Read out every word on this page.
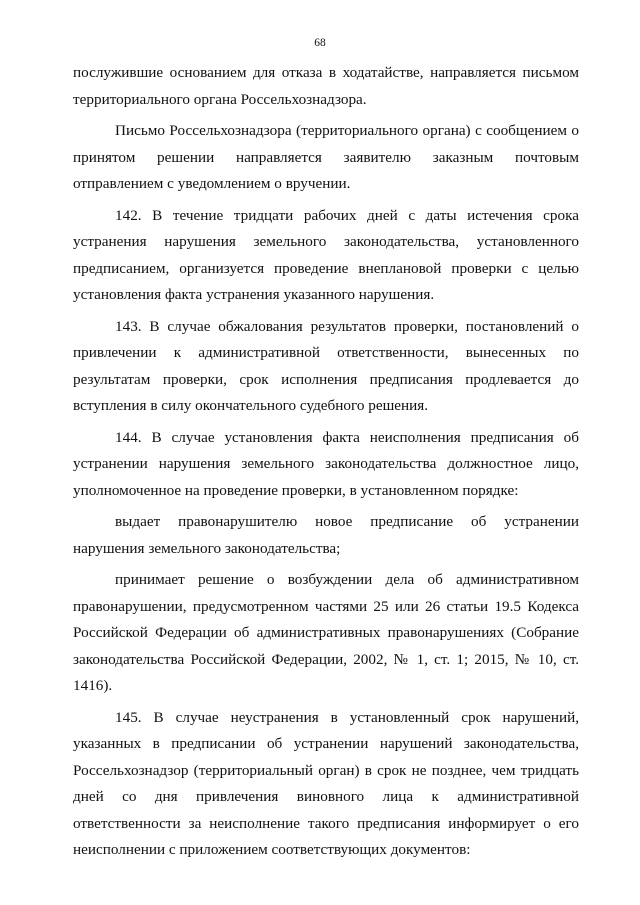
68

послужившие основанием для отказа в ходатайстве, направляется письмом территориального органа Россельхознадзора.

Письмо Россельхознадзора (территориального органа) с сообщением о принятом решении направляется заявителю заказным почтовым отправлением с уведомлением о вручении.

142. В течение тридцати рабочих дней с даты истечения срока устранения нарушения земельного законодательства, установленного предписанием, организуется проведение внеплановой проверки с целью установления факта устранения указанного нарушения.

143. В случае обжалования результатов проверки, постановлений о привлечении к административной ответственности, вынесенных по результатам проверки, срок исполнения предписания продлевается до вступления в силу окончательного судебного решения.

144. В случае установления факта неисполнения предписания об устранении нарушения земельного законодательства должностное лицо, уполномоченное на проведение проверки, в установленном порядке:

выдает правонарушителю новое предписание об устранении нарушения земельного законодательства;

принимает решение о возбуждении дела об административном правонарушении, предусмотренном частями 25 или 26 статьи 19.5 Кодекса Российской Федерации об административных правонарушениях (Собрание законодательства Российской Федерации, 2002, № 1, ст. 1; 2015, № 10, ст. 1416).

145. В случае неустранения в установленный срок нарушений, указанных в предписании об устранении нарушений законодательства, Россельхознадзор (территориальный орган) в срок не позднее, чем тридцать дней со дня привлечения виновного лица к административной ответственности за неисполнение такого предписания информирует о его неисполнении с приложением соответствующих документов:
